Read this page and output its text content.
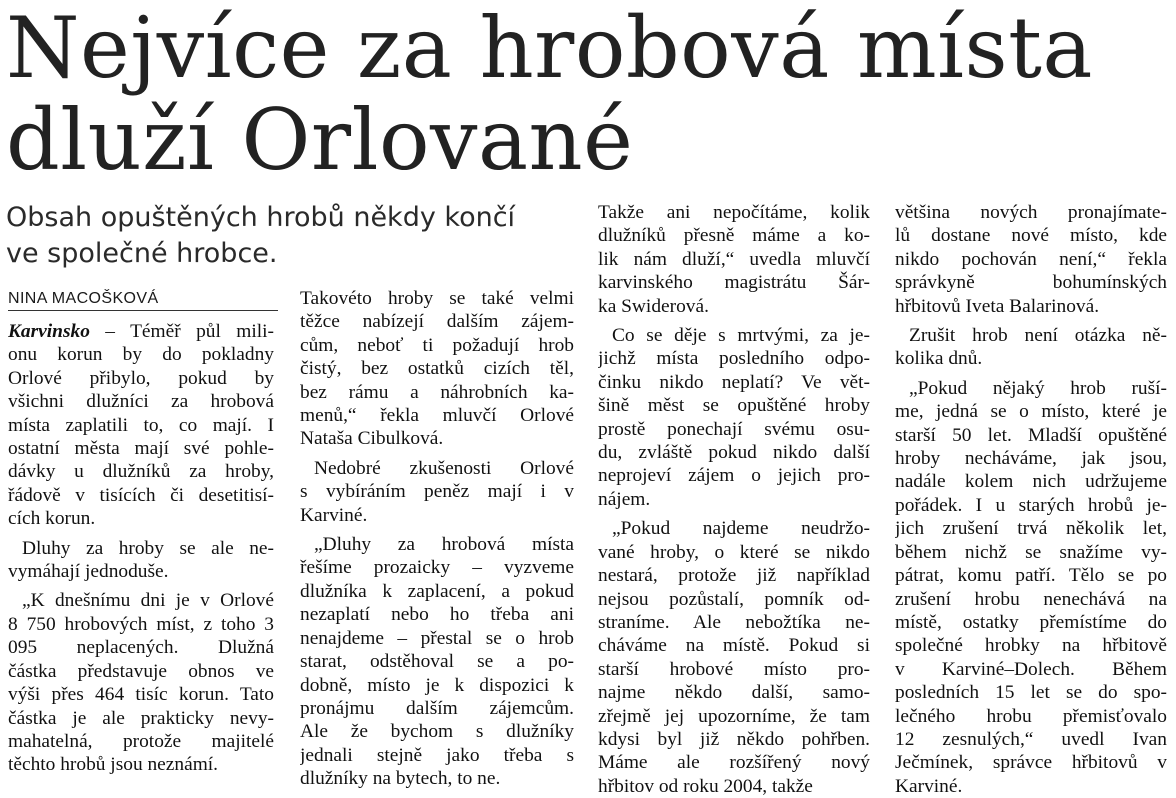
Nejvíce za hrobová místa
dluží Orlované
Obsah opuštěných hrobů někdy končí
ve společné hrobce.
NINA MACOŠKOVÁ

Karvinsko – Téměř půl mili-
onu korun by do pokladny
Orlové přibylo, pokud by
všichni dlužníci za hrobová
místa zaplatili to, co mají. I
ostatní města mají své pohle-
dávky u dlužníků za hroby,
řádově v tisících či desetitisí-
cích korun.

Dluhy za hroby se ale ne-
vymáhají jednoduše.

„K dnešnímu dni je v Orlové
8 750 hrobových míst, z toho 3
095 neplacených. Dlužná
částka představuje obnos ve
výši přes 464 tisíc korun. Tato
částka je ale prakticky nevy-
mahatelná, protože majitelé
těchto hrobů jsou neznámí.

Takovéto hroby se také velmi
těžce nabízejí dalším zájem-
cům, neboť ti požadují hrob
čistý, bez ostatků cizích těl,
bez rámu a náhrobních ka-
menů,“ řekla mluvčí Orlové
Nataša Cibulková.

Nedobré zkušenosti Orlové
s vybíráním peněz mají i v
Karviné.

„Dluhy za hrobová místa
řešíme prozaicky – vyzveme
dlužníka k zaplacení, a pokud
nezaplatí nebo ho třeba ani
nenajdeme – přestal se o hrob
starat, odstěhoval se a po-
dobně, místo je k dispozici k
pronájmu dalším zájemcům.
Ale že bychom s dlužníky
jednali stejně jako třeba s
dlužníky na bytech, to ne.

Takže ani nepočítáme, kolik
dlužníků přesně máme a ko-
lik nám dluží,“ uvedla mluvčí
karvinského magistrátu Šár-
ka Swiderová.

Co se děje s mrtvými, za je-
jichž místa posledního odpo-
činku nikdo neplatí? Ve vět-
šině měst se opuštěné hroby
prostě ponechají svému osu-
du, zvláště pokud nikdo další
neprojeví zájem o jejich pro-
nájem.

„Pokud najdeme neudržo-
vané hroby, o které se nikdo
nestará, protože již například
nejsou pozůstalí, pomník od-
straníme. Ale nebožtíka ne-
cháváme na místě. Pokud si
starší hrobové místo pro-
najme někdo další, samo-
zřejmě jej upozorníme, že tam
kdysi byl již někdo pohřben.
Máme ale rozšířený nový
hřbitov od roku 2004, takže

většina nových pronajímate-
lů dostane nové místo, kde
nikdo pochován není,“ řekla
správkyně bohumínských
hřbitovů Iveta Balarinová.

Zrušit hrob není otázka ně-
kolika dnů.

„Pokud nějaký hrob ruší-
me, jedná se o místo, které je
starší 50 let. Mladší opuštěné
hroby necháváme, jak jsou,
nadále kolem nich udržujeme
pořádek. I u starých hrobů je-
jich zrušení trvá několik let,
během nichž se snažíme vy-
pátrat, komu patří. Tělo se po
zrušení hrobu nenechává na
místě, ostatky přemístíme do
společné hrobky na hřbitově
v Karviné–Dolech. Během
posledních 15 let se do spo-
lečného hrobu přemisťovalo
12 zesnulých,“ uvedl Ivan
Ječmínek, správce hřbitovů v
Karviné.
